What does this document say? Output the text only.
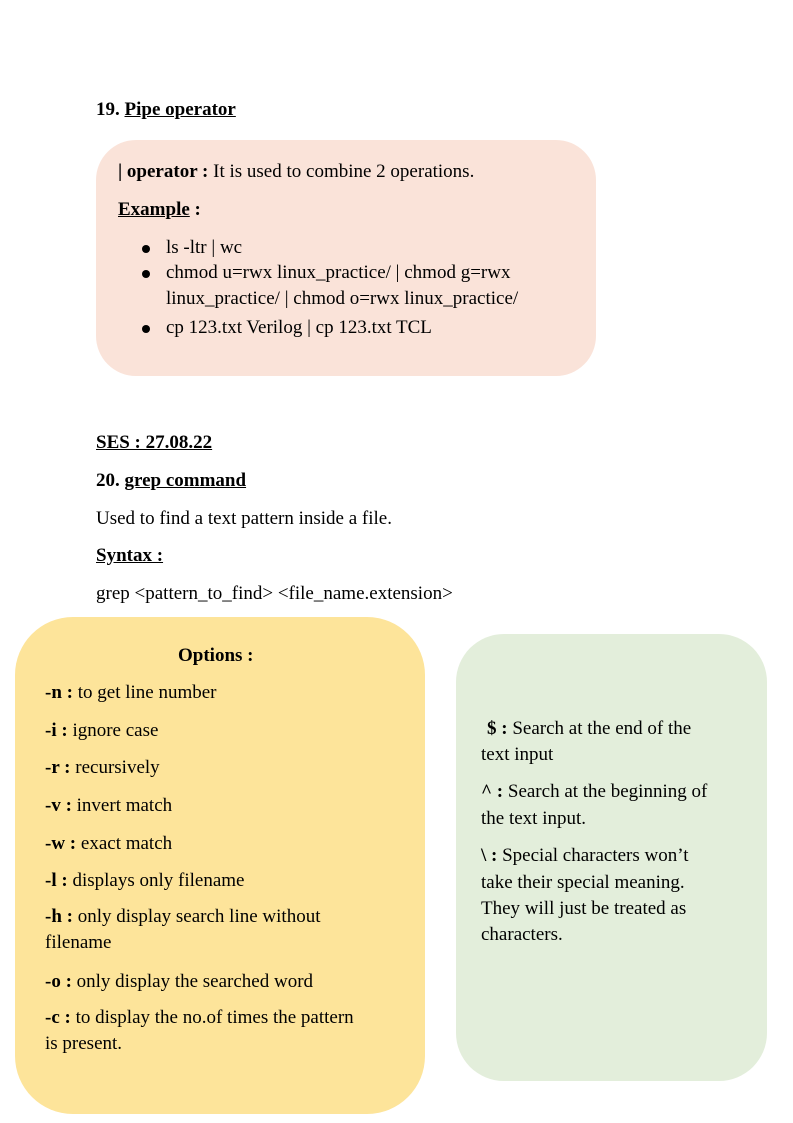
19. Pipe operator
| operator : It is used to combine 2 operations.
Example :
ls -ltr | wc
chmod u=rwx linux_practice/ | chmod g=rwx
linux_practice/ | chmod o=rwx linux_practice/
cp 123.txt Verilog | cp 123.txt TCL
SES : 27.08.22
20. grep command
Used to find a text pattern inside a file.
Syntax :
grep <pattern_to_find> <file_name.extension>
Options :
-n : to get line number
-i : ignore case
-r : recursively
-v : invert match
-w : exact match
-l : displays only filename
-h : only display search line without
filename
-o : only display the searched word
-c : to display the no.of times the pattern
is present.
$ : Search at the end of the
text input
^ : Search at the beginning of
the text input.
\ : Special characters won’t
take their special meaning.
They will just be treated as
characters.
